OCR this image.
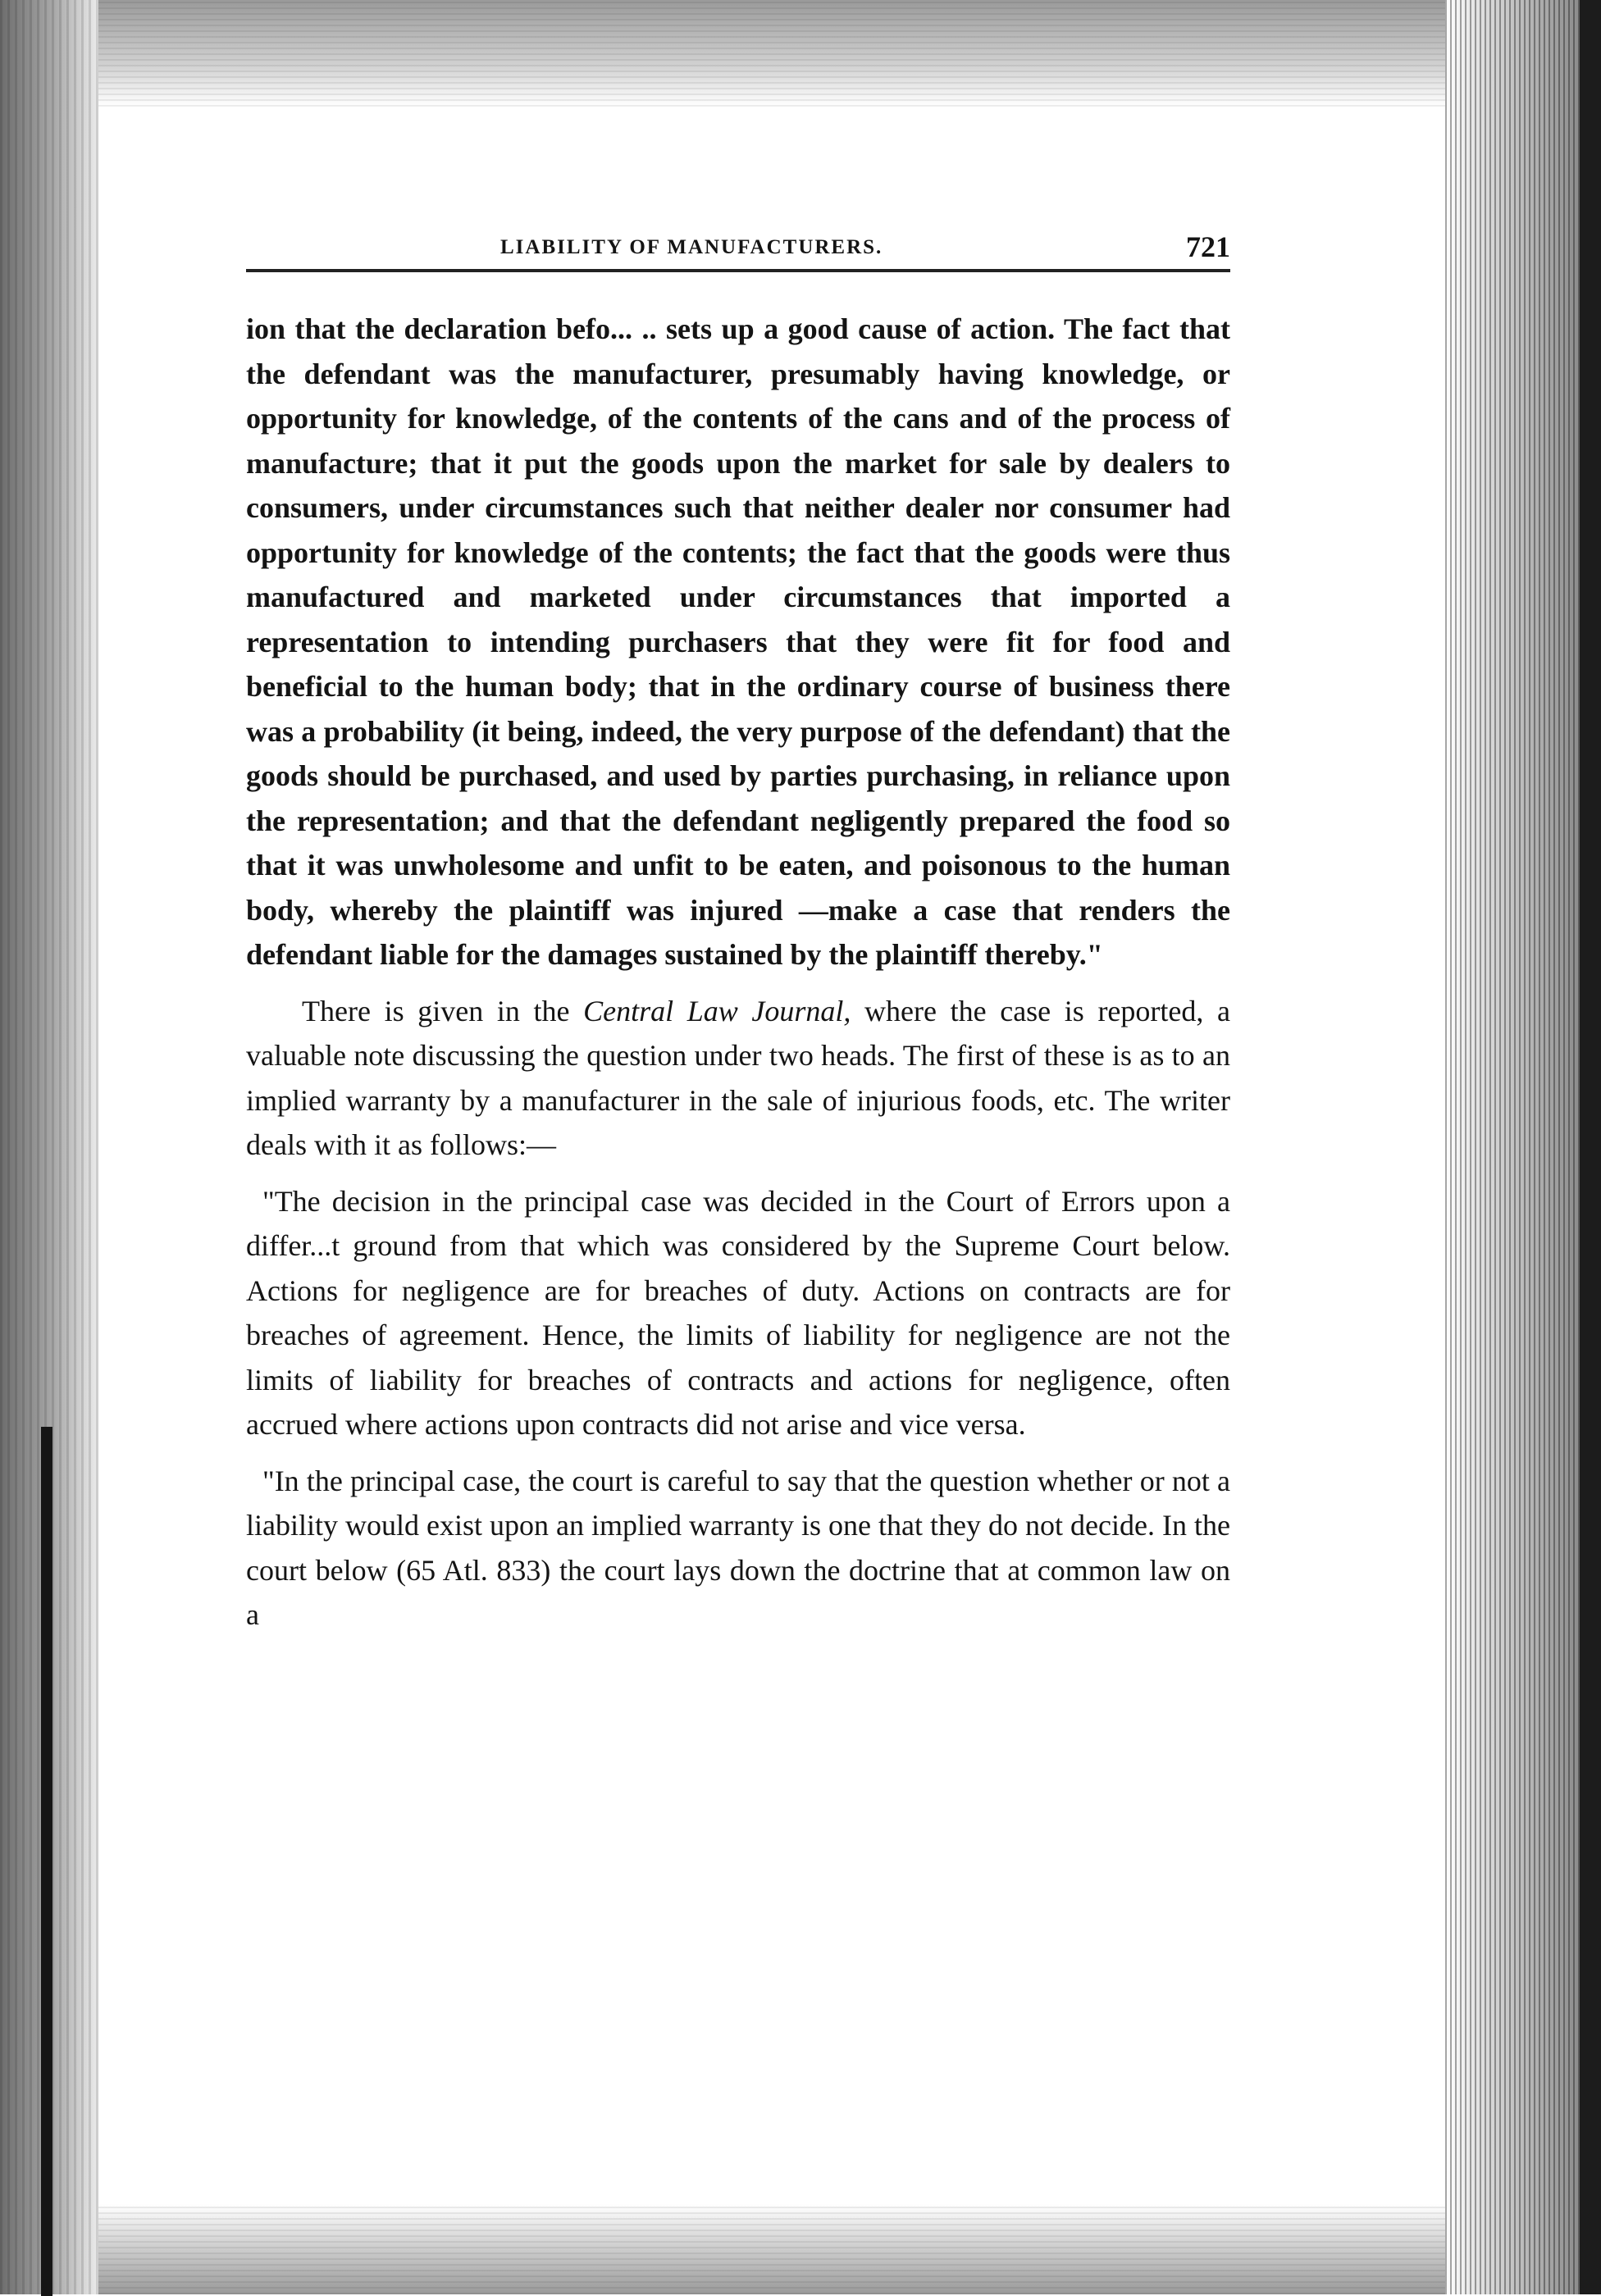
LIABILITY OF MANUFACTURERS.	721

ion that the declaration befo... .. sets up a good cause of action. The fact that the defendant was the manufacturer, presumably having knowledge, or opportunity for knowledge, of the contents of the cans and of the process of manufacture; that it put the goods upon the market for sale by dealers to consumers, under circumstances such that neither dealer nor consumer had opportunity for knowledge of the contents; the fact that the goods were thus manufactured and marketed under circumstances that imported a representation to intending purchasers that they were fit for food and beneficial to the human body; that in the ordinary course of business there was a probability (it being, indeed, the very purpose of the defendant) that the goods should be purchased, and used by parties purchasing, in reliance upon the representation; and that the defendant negligently prepared the food so that it was unwholesome and unfit to be eaten, and poisonous to the human body, whereby the plaintiff was injured —make a case that renders the defendant liable for the damages sustained by the plaintiff thereby."

There is given in the Central Law Journal, where the case is reported, a valuable note discussing the question under two heads. The first of these is as to an implied warranty by a manufacturer in the sale of injurious foods, etc. The writer deals with it as follows:—

"The decision in the principal case was decided in the Court of Errors upon a differ...t ground from that which was considered by the Supreme Court below. Actions for negligence are for breaches of duty. Actions on contracts are for breaches of agreement. Hence, the limits of liability for negligence are not the limits of liability for breaches of contracts and actions for negligence, often accrued where actions upon contracts did not arise and vice versa.

"In the principal case, the court is careful to say that the question whether or not a liability would exist upon an implied warranty is one that they do not decide. In the court below (65 Atl. 833) the court lays down the doctrine that at common law on a
